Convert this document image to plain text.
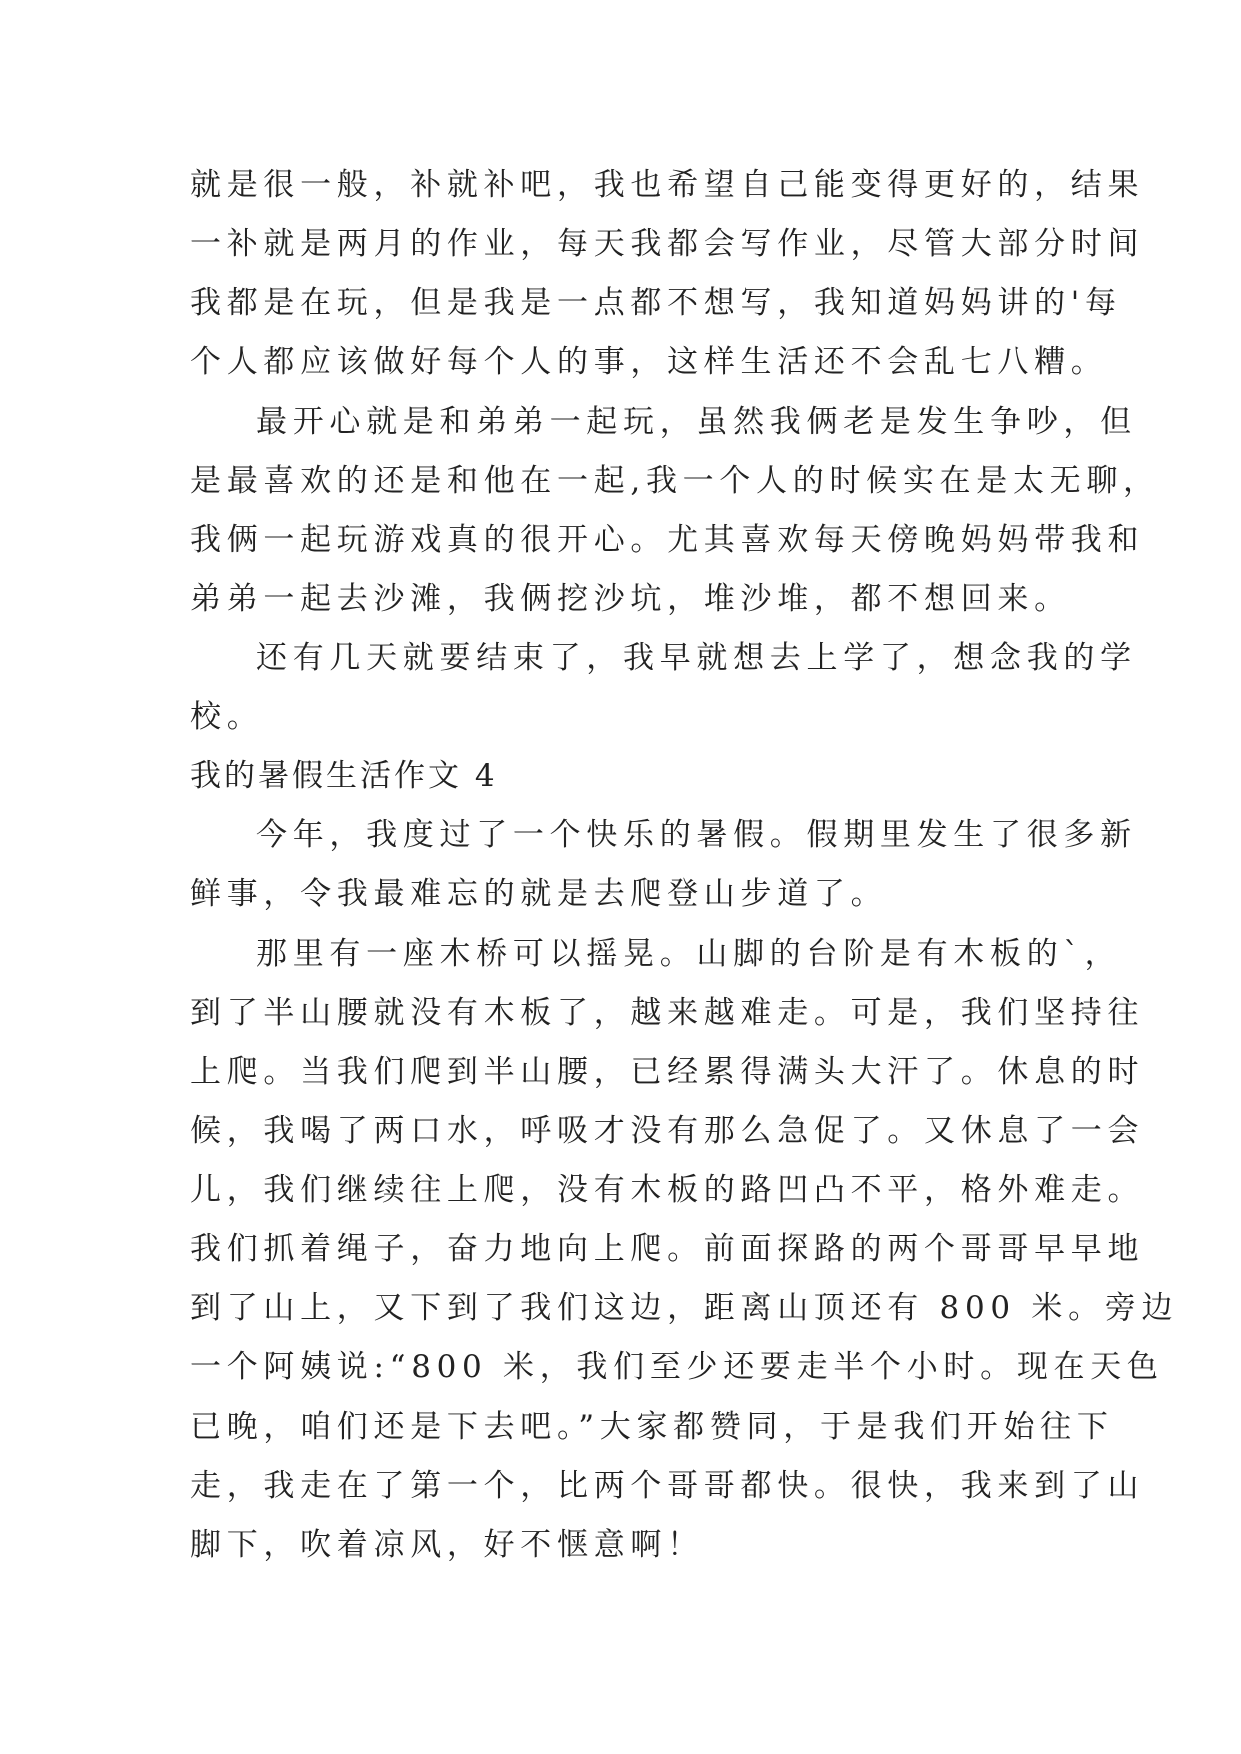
就是很一般，补就补吧，我也希望自己能变得更好的，结果
一补就是两月的作业，每天我都会写作业，尽管大部分时间
我都是在玩，但是我是一点都不想写，我知道妈妈讲的'每
个人都应该做好每个人的事，这样生活还不会乱七八糟。
最开心就是和弟弟一起玩，虽然我俩老是发生争吵，但
是最喜欢的还是和他在一起,我一个人的时候实在是太无聊，
我俩一起玩游戏真的很开心。尤其喜欢每天傍晚妈妈带我和
弟弟一起去沙滩，我俩挖沙坑，堆沙堆，都不想回来。
还有几天就要结束了，我早就想去上学了，想念我的学
校。
我的暑假生活作文 4
今年，我度过了一个快乐的暑假。假期里发生了很多新
鲜事，令我最难忘的就是去爬登山步道了。
那里有一座木桥可以摇晃。山脚的台阶是有木板的`，
到了半山腰就没有木板了，越来越难走。可是，我们坚持往
上爬。当我们爬到半山腰，已经累得满头大汗了。休息的时
候，我喝了两口水，呼吸才没有那么急促了。又休息了一会
儿，我们继续往上爬，没有木板的路凹凸不平，格外难走。
我们抓着绳子，奋力地向上爬。前面探路的两个哥哥早早地
到了山上，又下到了我们这边，距离山顶还有 800 米。旁边
一个阿姨说:“800 米，我们至少还要走半个小时。现在天色
已晚，咱们还是下去吧。”大家都赞同，于是我们开始往下
走，我走在了第一个，比两个哥哥都快。很快，我来到了山
脚下，吹着凉风，好不惬意啊！
